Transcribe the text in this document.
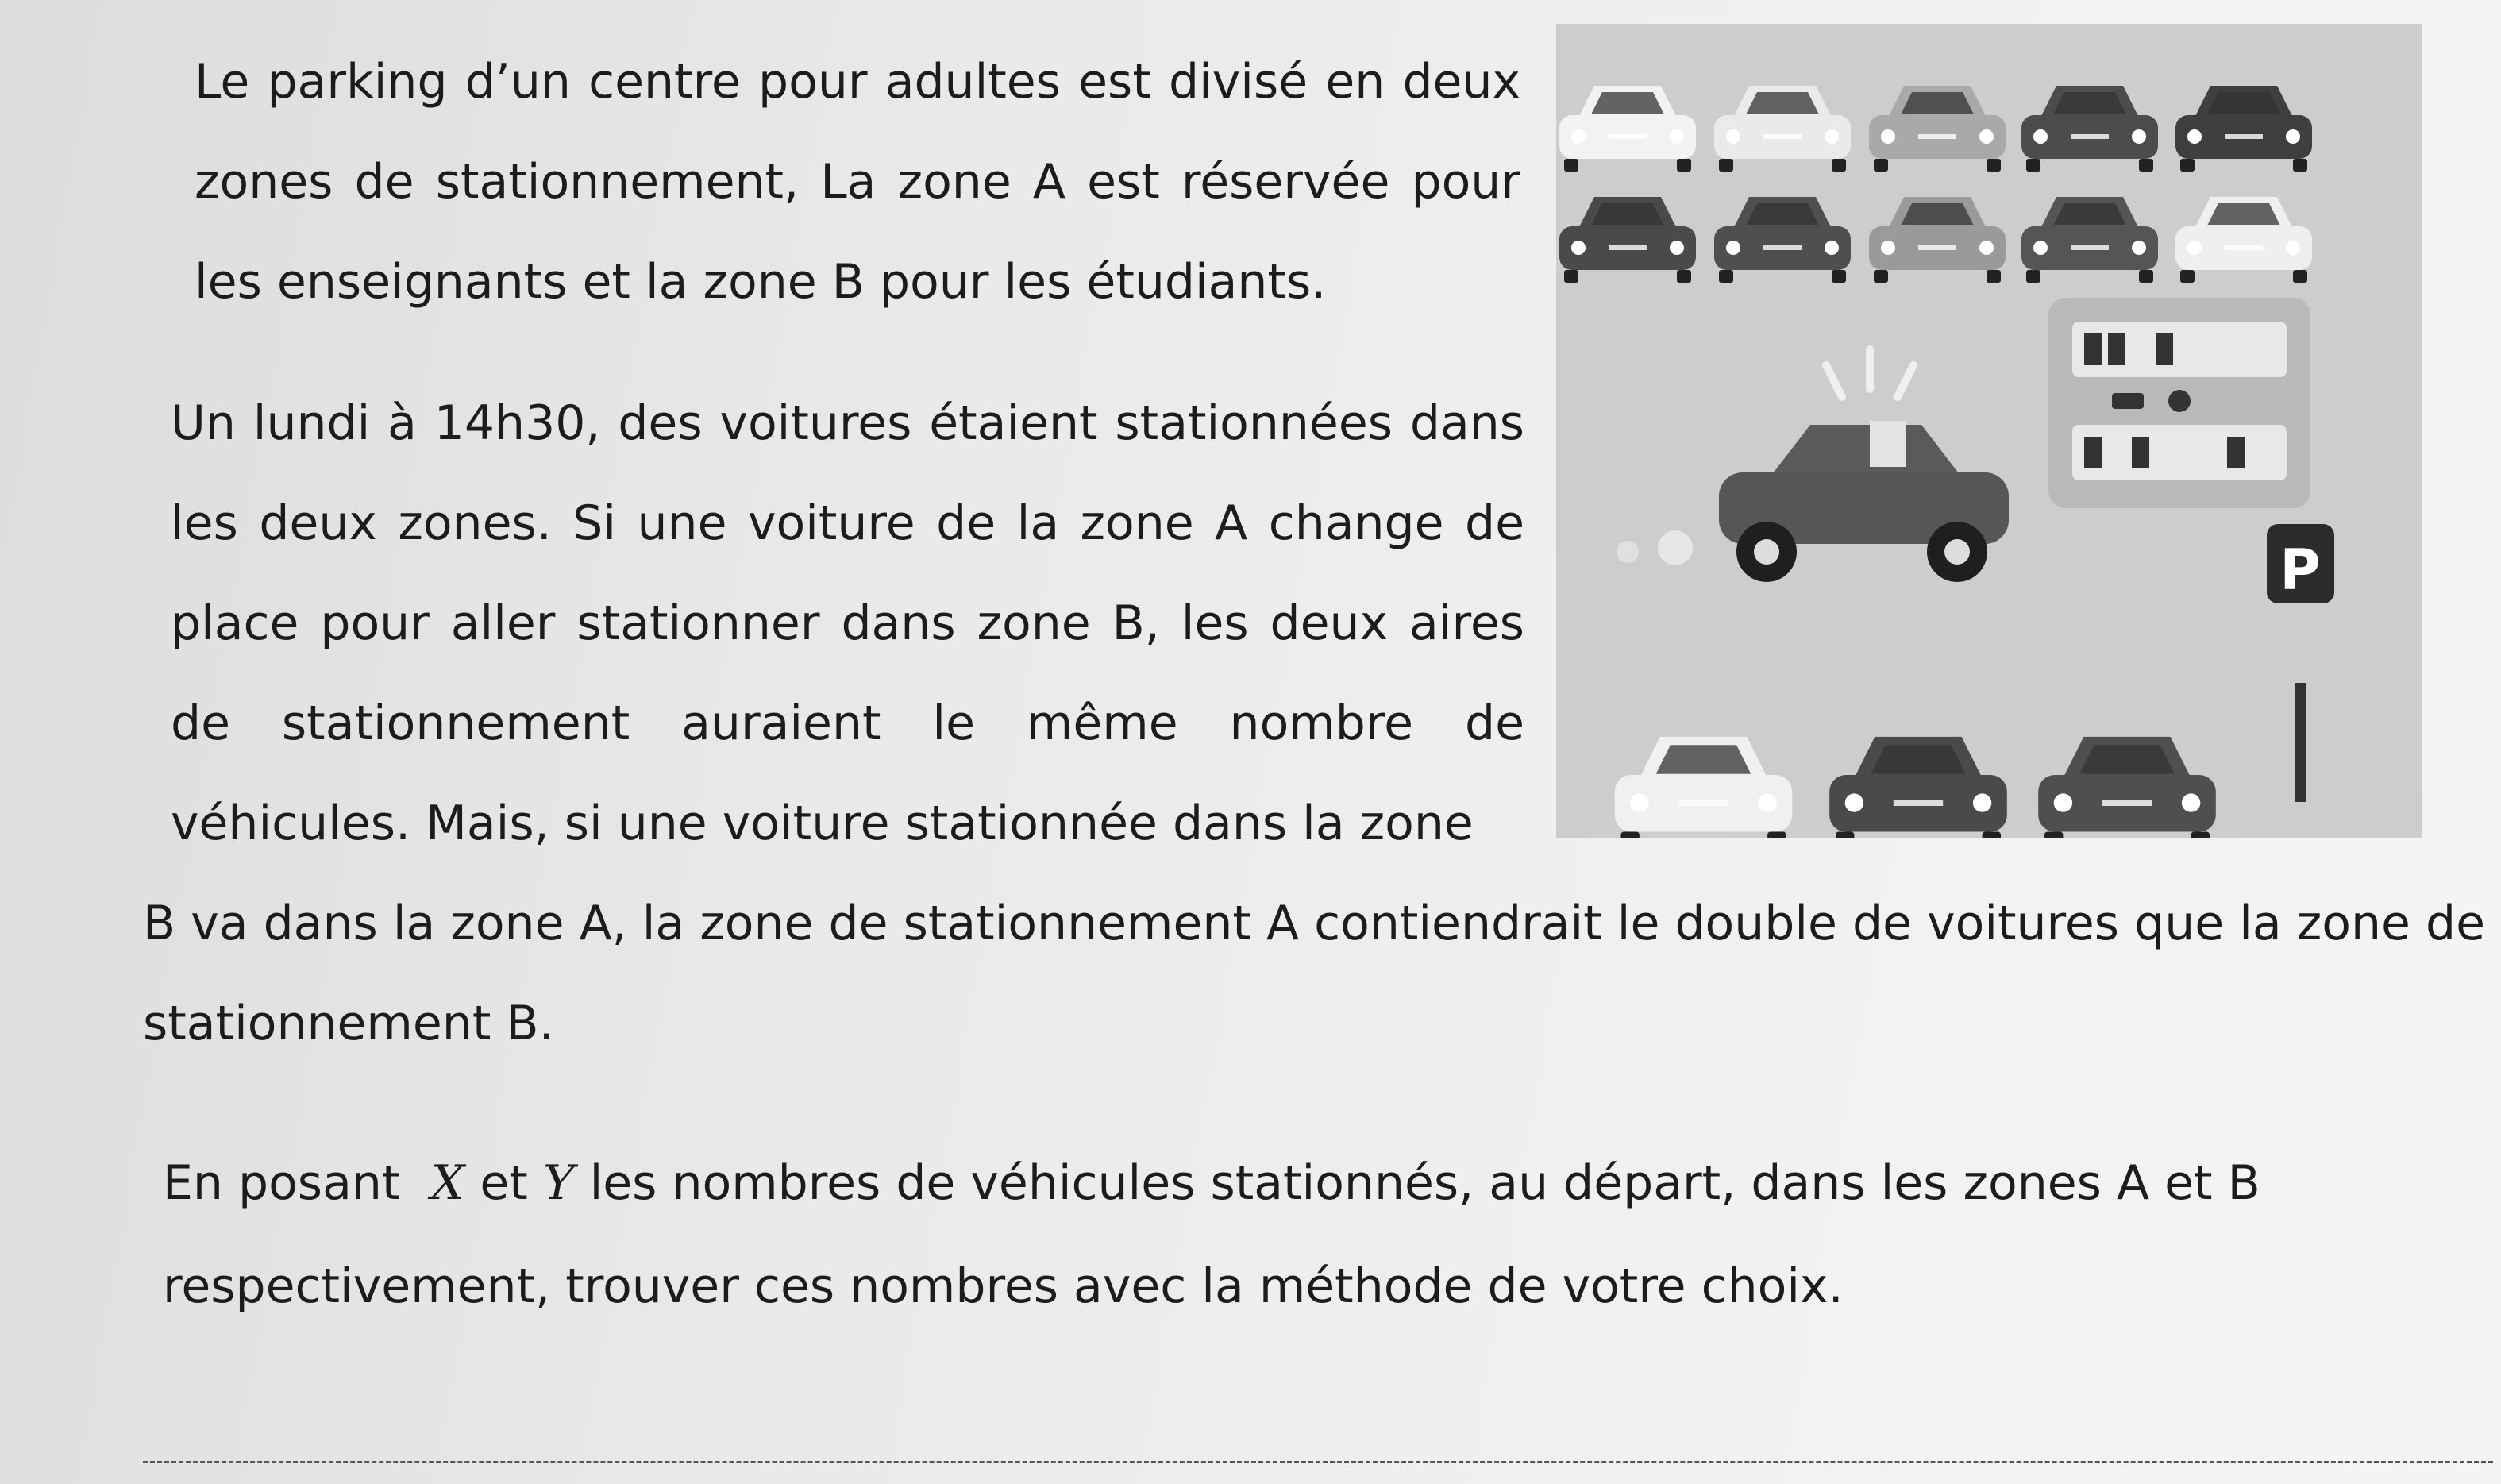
Le parking d’un centre pour adultes est divisé en deux zones de stationnement, La zone A est réservée pour les enseignants et la zone B pour les étudiants.

Un lundi à 14h30, des voitures étaient stationnées dans les deux zones. Si une voiture de la zone A change de place pour aller stationner dans zone B, les deux aires de stationnement auraient le même nombre de véhicules. Mais, si une voiture stationnée dans la zone

B va dans la zone A, la zone de stationnement A contiendrait le double de voitures que la zone de stationnement B.

En posant X et Y les nombres de véhicules stationnés, au départ, dans les zones A et B respectivement, trouver ces nombres avec la méthode de votre choix.

P
